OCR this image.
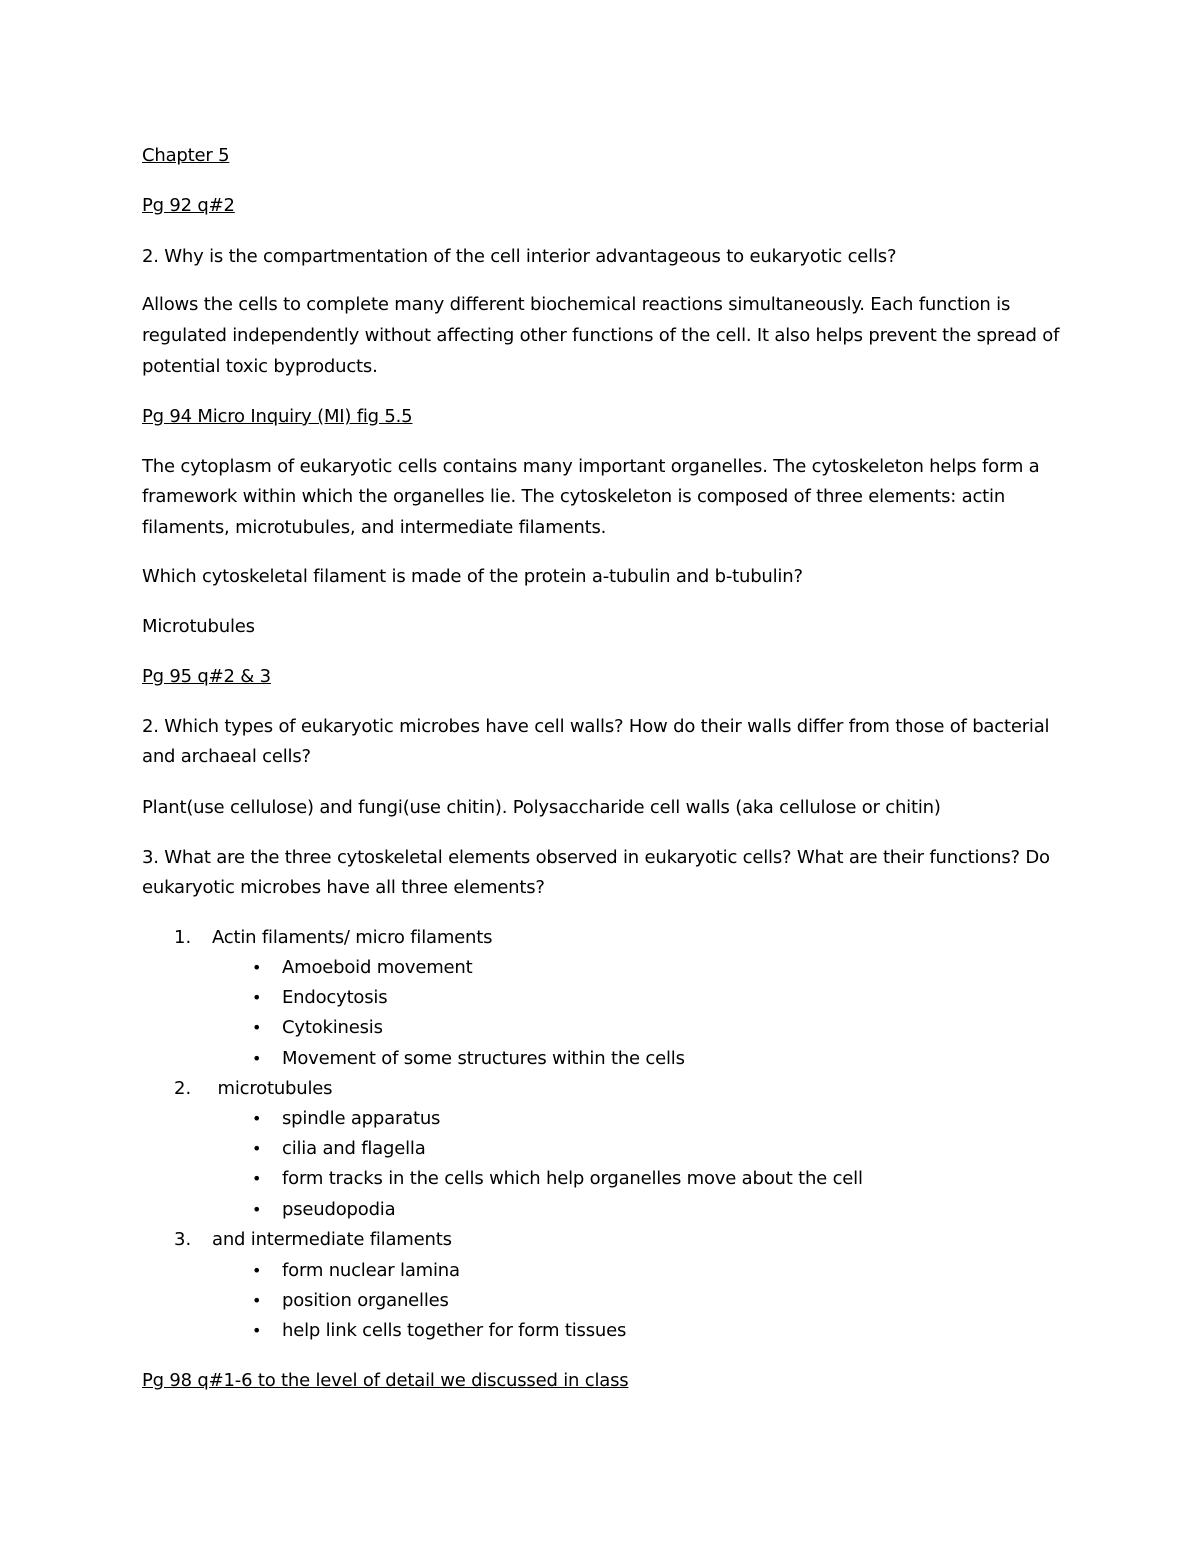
Chapter 5
Pg 92 q#2
2. Why is the compartmentation of the cell interior advantageous to eukaryotic cells?
Allows the cells to complete many different biochemical reactions simultaneously. Each function is
regulated independently without affecting other functions of the cell. It also helps prevent the spread of
potential toxic byproducts.
Pg 94 Micro Inquiry (MI) fig 5.5
The cytoplasm of eukaryotic cells contains many important organelles. The cytoskeleton helps form a
framework within which the organelles lie. The cytoskeleton is composed of three elements: actin
filaments, microtubules, and intermediate filaments.
Which cytoskeletal filament is made of the protein a-tubulin and b-tubulin?
Microtubules
Pg 95 q#2 & 3
2. Which types of eukaryotic microbes have cell walls? How do their walls differ from those of bacterial
and archaeal cells?
Plant(use cellulose) and fungi(use chitin). Polysaccharide cell walls (aka cellulose or chitin)
3. What are the three cytoskeletal elements observed in eukaryotic cells? What are their functions? Do
eukaryotic microbes have all three elements?
1. Actin filaments/ micro filaments
• Amoeboid movement
• Endocytosis
• Cytokinesis
• Movement of some structures within the cells
2. microtubules
• spindle apparatus
• cilia and flagella
• form tracks in the cells which help organelles move about the cell
• pseudopodia
3. and intermediate filaments
• form nuclear lamina
• position organelles
• help link cells together for form tissues
Pg 98 q#1-6 to the level of detail we discussed in class
